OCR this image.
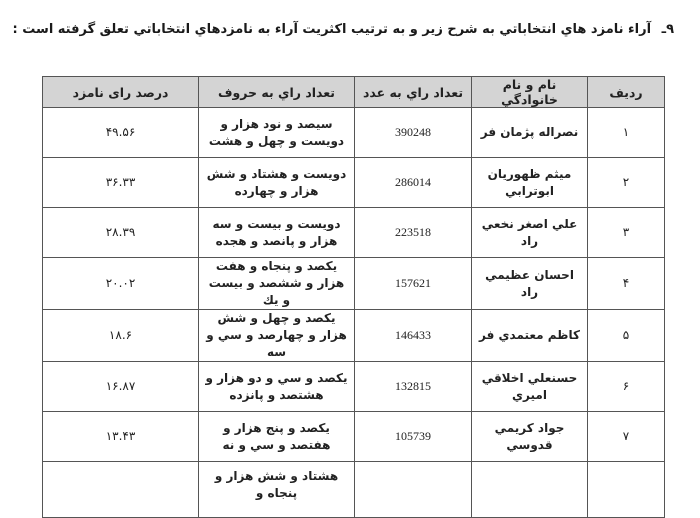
۹ـ آراء نامزد هاي انتخاباتي به شرح زير و به ترتيب اكثريت آراء به نامزدهاي انتخاباتي تعلق گرفته است :
رديف	نام و نام خانوادگي	تعداد راي به عدد	تعداد راي به حروف	درصد راى نامزد
۱	نصراله پژمان فر	390248	سيصد و نود هزار و دويست و چهل و هشت	۴۹.۵۶
۲	ميثم ظهوريان ابوترابي	286014	دويست و هشتاد و شش هزار و چهارده	۳۶.۳۳
۳	علي اصغر نخعي راد	223518	دويست و بيست و سه هزار و پانصد و هجده	۲۸.۳۹
۴	احسان عظيمي راد	157621	يكصد و پنجاه و هفت هزار و ششصد و بيست و يك	۲۰.۰۲
۵	كاظم معتمدي فر	146433	يكصد و چهل و شش هزار و چهارصد و سي و سه	۱۸.۶
۶	حسنعلي اخلاقي اميري	132815	يكصد و سي و دو هزار و هشتصد و پانزده	۱۶.۸۷
۷	جواد كريمي قدوسي	105739	يكصد و پنج هزار و هفتصد و سي و نه	۱۳.۴۳
			هشتاد و شش هزار و پنجاه و	
